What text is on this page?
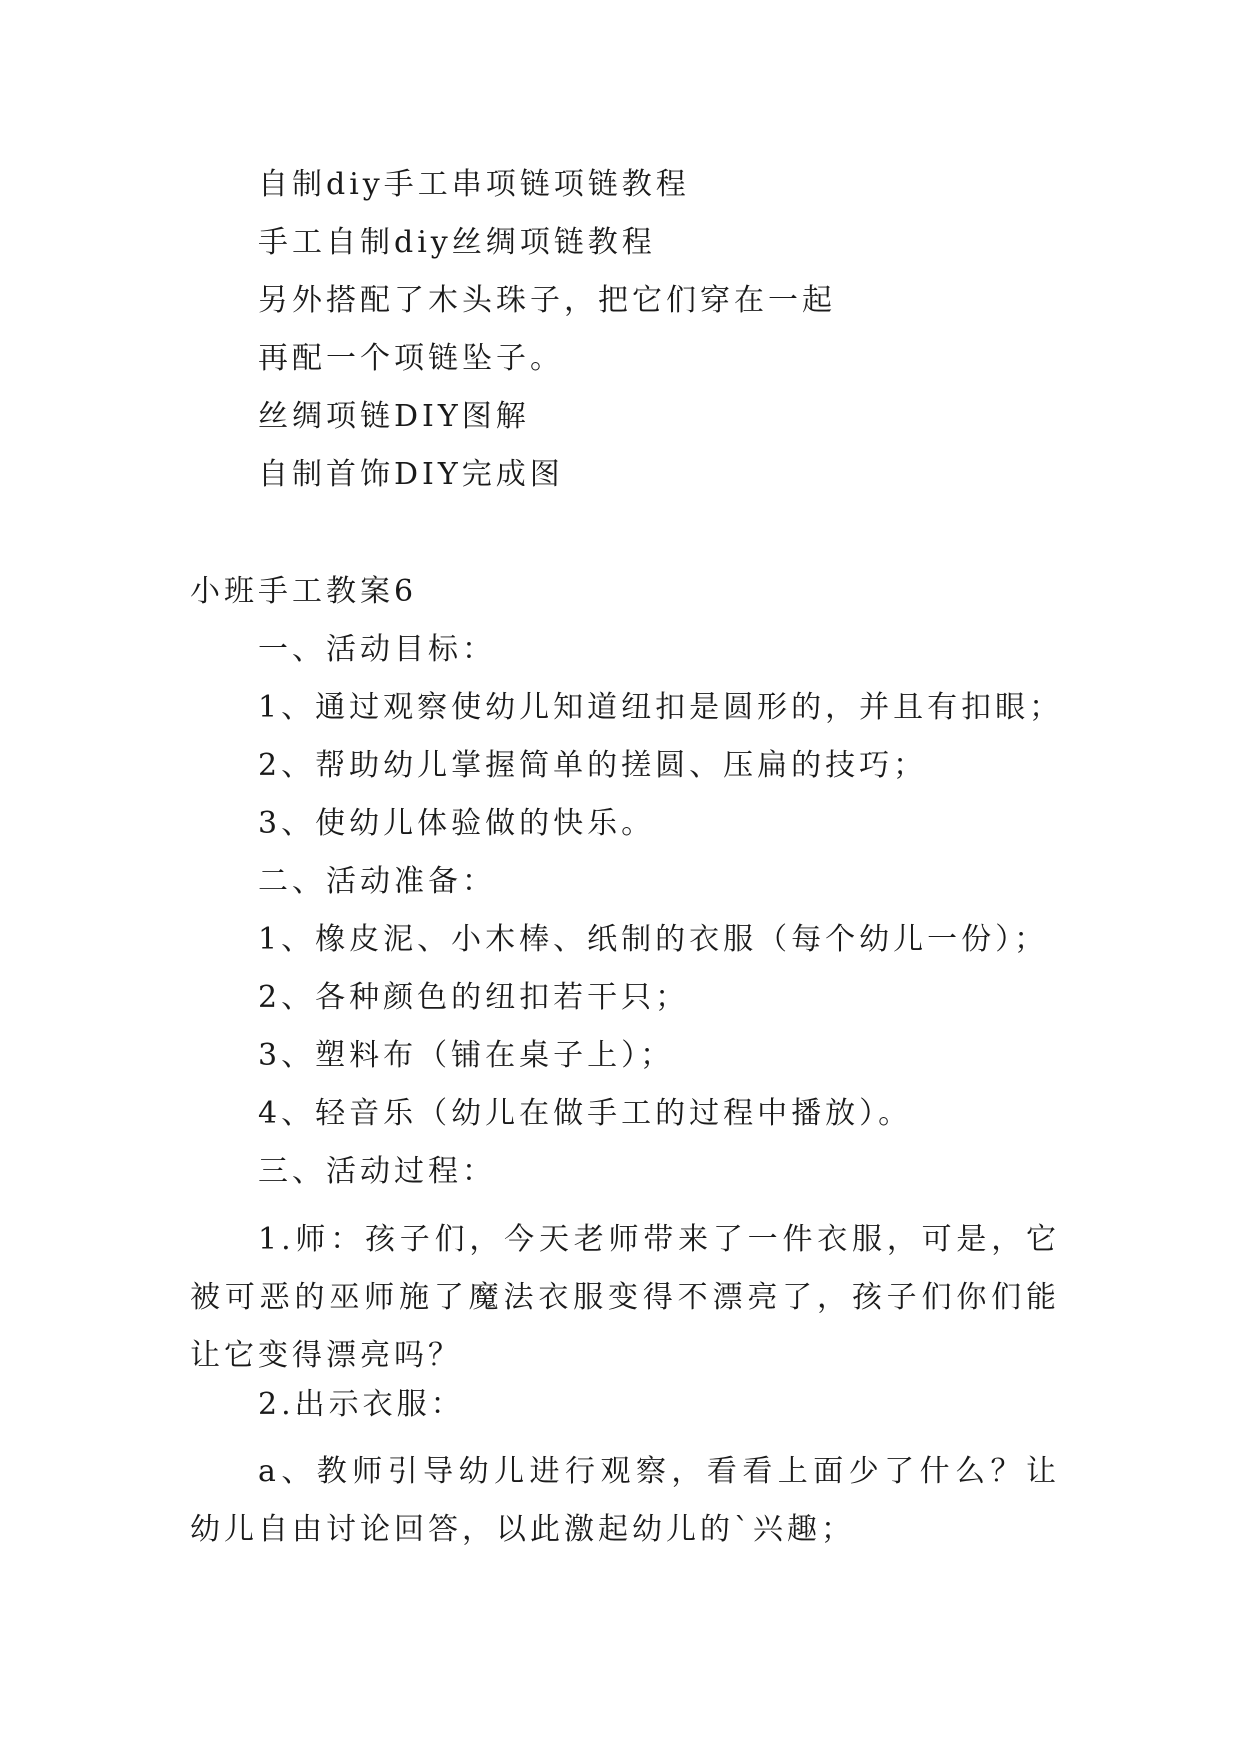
自制diy手工串项链项链教程
手工自制diy丝绸项链教程
另外搭配了木头珠子，把它们穿在一起
再配一个项链坠子。
丝绸项链DIY图解
自制首饰DIY完成图
小班手工教案6
一、活动目标：
1、通过观察使幼儿知道纽扣是圆形的，并且有扣眼；
2、帮助幼儿掌握简单的搓圆、压扁的技巧；
3、使幼儿体验做的快乐。
二、活动准备：
1、橡皮泥、小木棒、纸制的衣服（每个幼儿一份）；
2、各种颜色的纽扣若干只；
3、塑料布（铺在桌子上）；
4、轻音乐（幼儿在做手工的过程中播放）。
三、活动过程：
1.师：孩子们，今天老师带来了一件衣服，可是，它被可恶的巫师施了魔法衣服变得不漂亮了，孩子们你们能让它变得漂亮吗？
2.出示衣服：
a、教师引导幼儿进行观察，看看上面少了什么？让幼儿自由讨论回答，以此激起幼儿的`兴趣；
